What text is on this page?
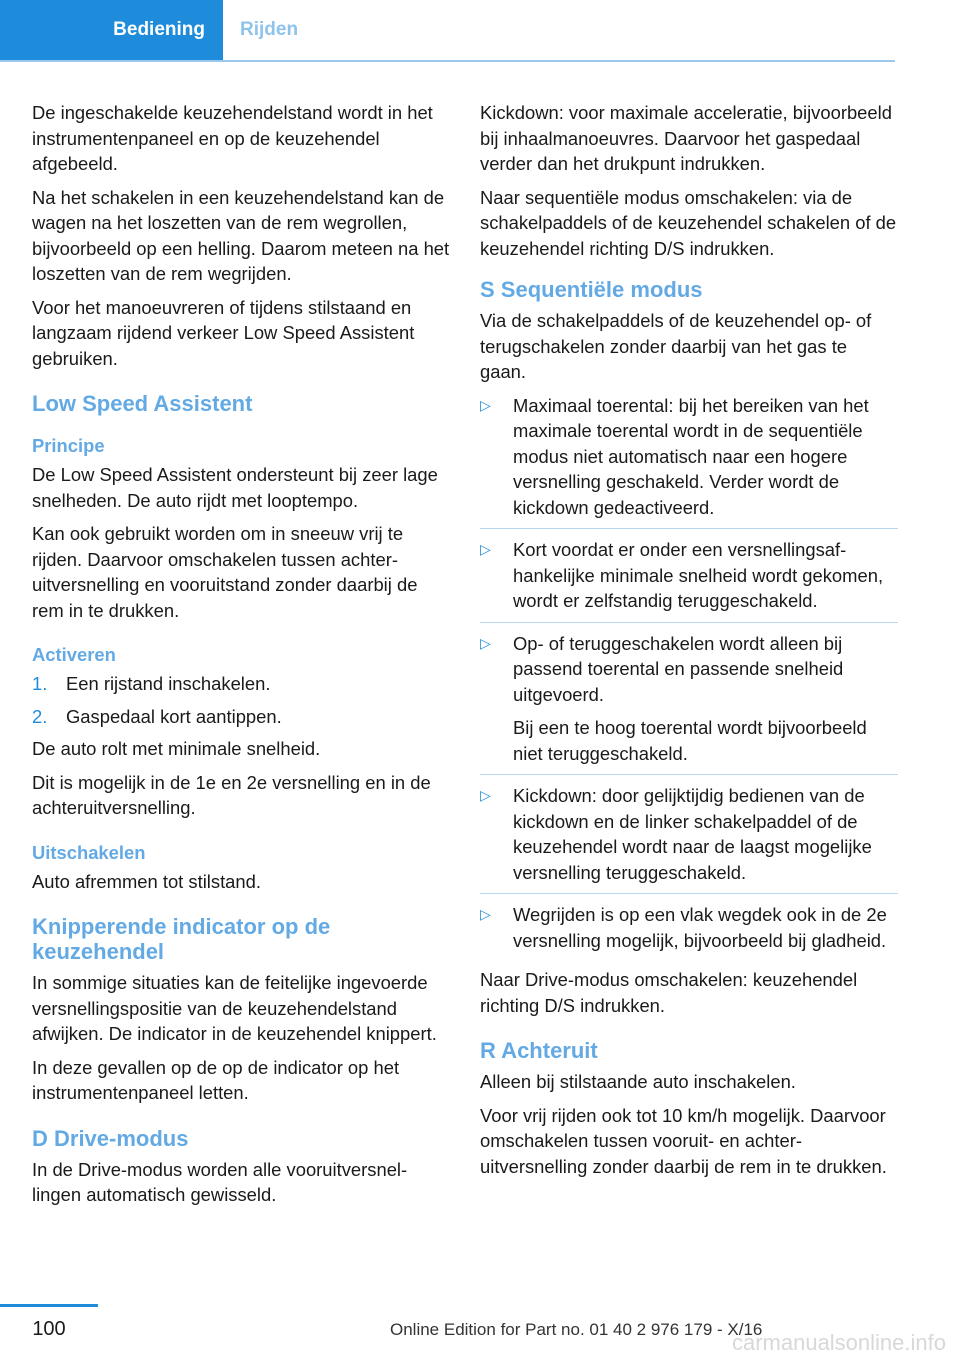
Bediening	Rijden

De ingeschakelde keuzehendelstand wordt in het instrumentenpaneel en op de keuzehendel afgebeeld.

Na het schakelen in een keuzehendelstand kan de wagen na het loszetten van de rem wegrollen, bijvoorbeeld op een helling. Daarom meteen na het loszetten van de rem wegrijden.

Voor het manoeuvreren of tijdens stilstaand en langzaam rijdend verkeer Low Speed Assistent gebruiken.

Low Speed Assistent
Principe

De Low Speed Assistent ondersteunt bij zeer lage snelheden. De auto rijdt met looptempo.

Kan ook gebruikt worden om in sneeuw vrij te rijden. Daarvoor omschakelen tussen achteruitversnelling en vooruitstand zonder daarbij de rem in te drukken.

Activeren
1. Een rijstand inschakelen.
2. Gaspedaal kort aantippen.

De auto rolt met minimale snelheid.

Dit is mogelijk in de 1e en 2e versnelling en in de achteruitversnelling.

Uitschakelen

Auto afremmen tot stilstand.

Knipperende indicator op de keuzehendel

In sommige situaties kan de feitelijke ingevoerde versnellingspositie van de keuzehendelstand afwijken. De indicator in de keuzehendel knippert.

In deze gevallen op de op de indicator op het instrumentenpaneel letten.

D Drive-modus

In de Drive-modus worden alle vooruitversnellingen automatisch gewisseld.

Kickdown: voor maximale acceleratie, bijvoorbeeld bij inhaalmanoeuvres. Daarvoor het gaspedaal verder dan het drukpunt indrukken.

Naar sequentiële modus omschakelen: via de schakelpaddels of de keuzehendel schakelen of de keuzehendel richting D/S indrukken.

S Sequentiële modus

Via de schakelpaddels of de keuzehendel op- of terugschakelen zonder daarbij van het gas te gaan.

▷ Maximaal toerental: bij het bereiken van het maximale toerental wordt in de sequentiële modus niet automatisch naar een hogere versnelling geschakeld. Verder wordt de kickdown gedeactiveerd.

▷ Kort voordat er onder een versnellingsafhankelijke minimale snelheid wordt gekomen, wordt er zelfstandig teruggeschakeld.

▷ Op- of teruggeschakelen wordt alleen bij passend toerental en passende snelheid uitgevoerd.

Bij een te hoog toerental wordt bijvoorbeeld niet teruggeschakeld.

▷ Kickdown: door gelijktijdig bedienen van de kickdown en de linker schakelpaddel of de keuzehendel wordt naar de laagst mogelijke versnelling teruggeschakeld.

▷ Wegrijden is op een vlak wegdek ook in de 2e versnelling mogelijk, bijvoorbeeld bij gladheid.

Naar Drive-modus omschakelen: keuzehendel richting D/S indrukken.

R Achteruit

Alleen bij stilstaande auto inschakelen.

Voor vrij rijden ook tot 10 km/h mogelijk. Daarvoor omschakelen tussen vooruit- en achteruitversnelling zonder daarbij de rem in te drukken.

100	Online Edition for Part no. 01 40 2 976 179 - X/16
carmanualsonline.info
